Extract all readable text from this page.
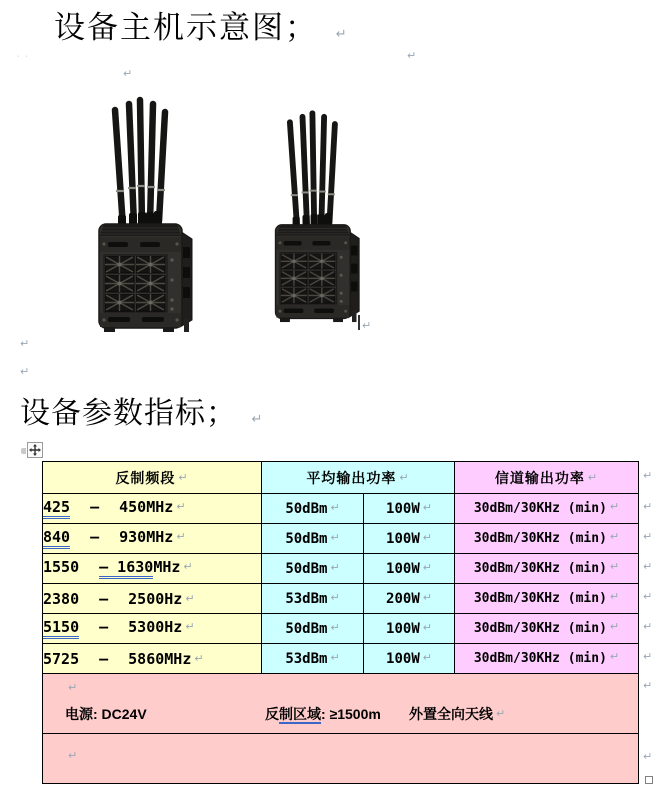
设备主机示意图； ↵
· ·
↵
↵
↵
↵
↵
设备参数指标； ↵
反制频段 ↵	平均输出功率 ↵		信道输出功率 ↵
425 – 450MHz ↵	50dBm ↵	100W ↵	30dBm/30KHz (min) ↵
840 – 930MHz ↵	50dBm ↵	100W ↵	30dBm/30KHz (min) ↵
1550 – 1630MHz ↵	50dBm ↵	100W ↵	30dBm/30KHz (min) ↵
2380 – 2500Hz ↵	53dBm ↵	200W ↵	30dBm/30KHz (min) ↵
5150 – 5300Hz ↵	50dBm ↵	100W ↵	30dBm/30KHz (min) ↵
5725 — 5860MHz ↵	53dBm ↵	100W ↵	30dBm/30KHz (min) ↵

↵
电源: DC24V 反制区域: ≥1500m 外置全向天线 ↵			

↵			
↵
↵
↵
↵
↵
↵
↵
↵
↵
